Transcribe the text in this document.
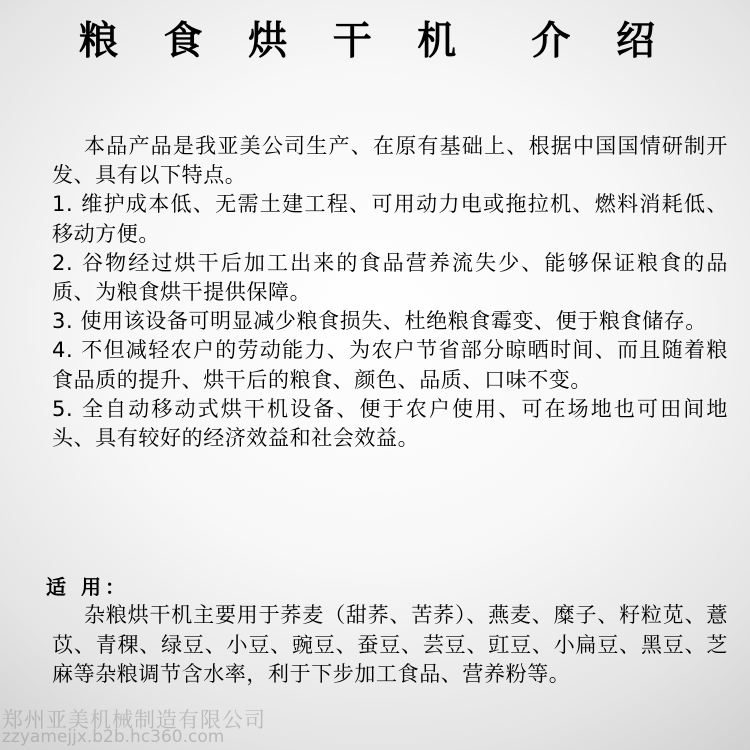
粮 食 烘 干 机  介 绍

本品产品是我亚美公司生产、在原有基础上、根据中国国情研制开发、具有以下特点。

1. 维护成本低、无需土建工程、可用动力电或拖拉机、燃料消耗低、移动方便。

2. 谷物经过烘干后加工出来的食品营养流失少、能够保证粮食的品质、为粮食烘干提供保障。

3. 使用该设备可明显减少粮食损失、杜绝粮食霉变、便于粮食储存。

4. 不但减轻农户的劳动能力、为农户节省部分晾晒时间、而且随着粮食品质的提升、烘干后的粮食、颜色、品质、口味不变。

5. 全自动移动式烘干机设备、便于农户使用、可在场地也可田间地头、具有较好的经济效益和社会效益。

适 用：

杂粮烘干机主要用于荞麦（甜荞、苦荞）、燕麦、糜子、籽粒苋、薏苡、青稞、绿豆、小豆、豌豆、蚕豆、芸豆、豇豆、小扁豆、黑豆、芝麻等杂粮调节含水率，利于下步加工食品、营养粉等。

郑州亚美机械制造有限公司
zzyamejjx.b2b.hc360.com
